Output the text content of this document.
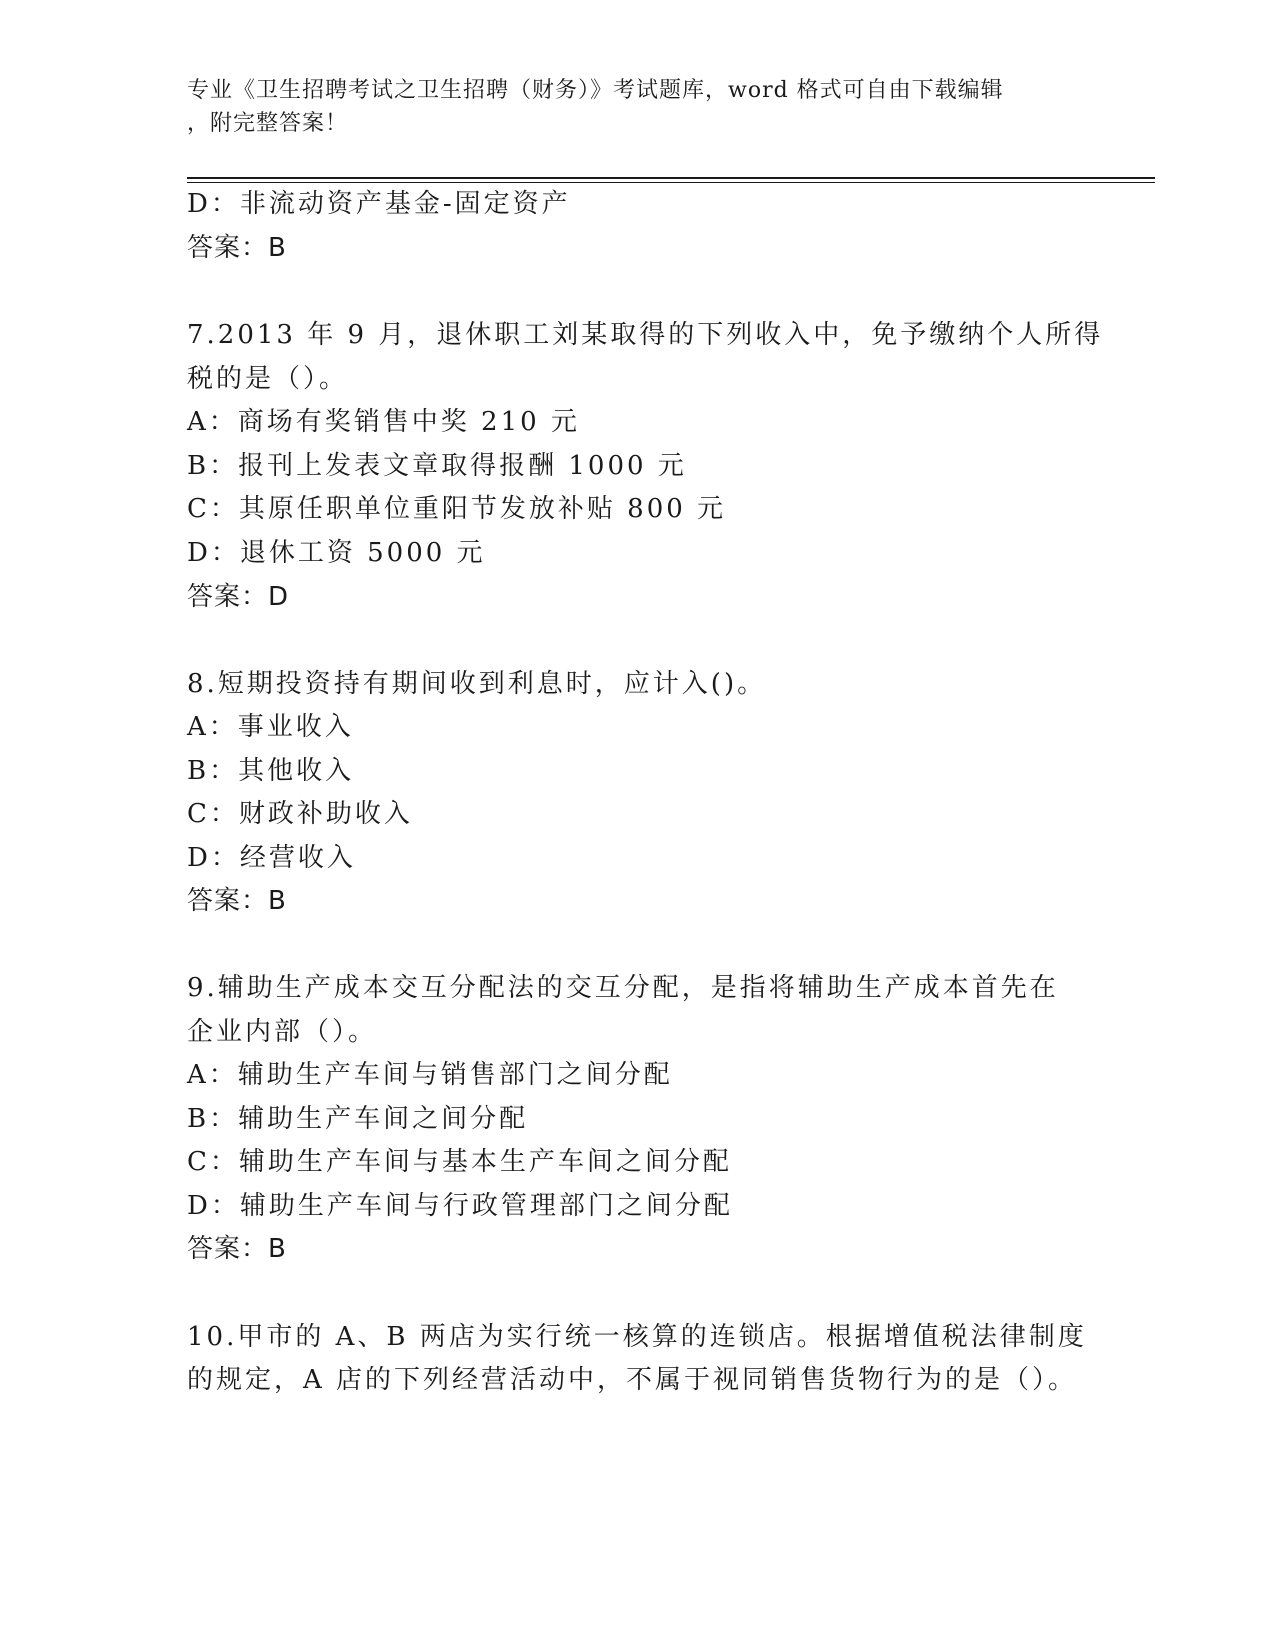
专业《卫生招聘考试之卫生招聘（财务）》考试题库，word 格式可自由下载编辑
，附完整答案！
D：非流动资产基金-固定资产
答案：B
7.2013 年 9 月，退休职工刘某取得的下列收入中，免予缴纳个人所得
税的是（）。
A：商场有奖销售中奖 210 元
B：报刊上发表文章取得报酬 1000 元
C：其原任职单位重阳节发放补贴 800 元
D：退休工资 5000 元
答案：D
8.短期投资持有期间收到利息时，应计入()。
A：事业收入
B：其他收入
C：财政补助收入
D：经营收入
答案：B
9.辅助生产成本交互分配法的交互分配，是指将辅助生产成本首先在
企业内部（）。
A：辅助生产车间与销售部门之间分配
B：辅助生产车间之间分配
C：辅助生产车间与基本生产车间之间分配
D：辅助生产车间与行政管理部门之间分配
答案：B
10.甲市的 A、B 两店为实行统一核算的连锁店。根据增值税法律制度
的规定，A 店的下列经营活动中，不属于视同销售货物行为的是（）。
